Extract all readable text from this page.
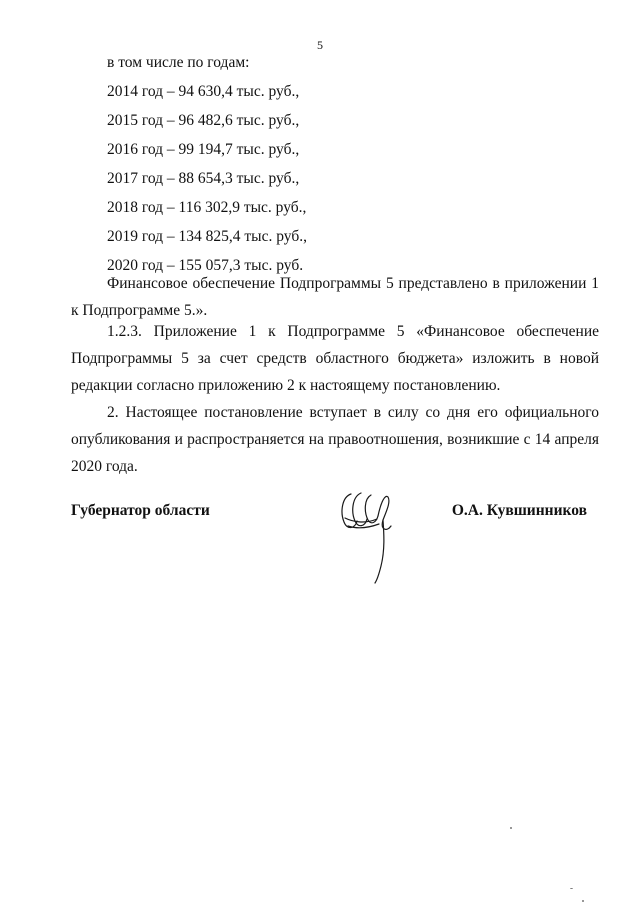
5
в том числе по годам:
2014 год – 94 630,4 тыс. руб.,
2015 год – 96 482,6 тыс. руб.,
2016 год – 99 194,7 тыс. руб.,
2017 год – 88 654,3 тыс. руб.,
2018 год – 116 302,9 тыс. руб.,
2019 год – 134 825,4 тыс. руб.,
2020 год – 155 057,3 тыс. руб.

Финансовое обеспечение Подпрограммы 5 представлено в приложении 1 к Подпрограмме 5.».

1.2.3. Приложение 1 к Подпрограмме 5 «Финансовое обеспечение Подпрограммы 5 за счет средств областного бюджета» изложить в новой редакции согласно приложению 2 к настоящему постановлению.

2. Настоящее постановление вступает в силу со дня его официального опубликования и распространяется на правоотношения, возникшие с 14 апреля 2020 года.

Губернатор области	О.А. Кувшинников
